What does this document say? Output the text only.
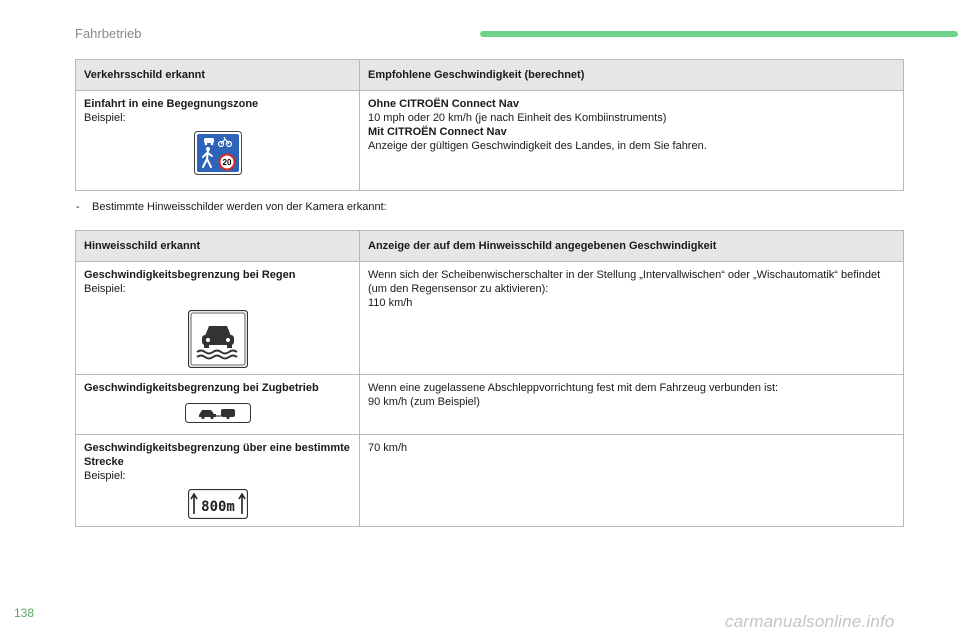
Fahrbetrieb
Verkehrsschild erkannt	Empfohlene Geschwindigkeit (berechnet)

Einfahrt in eine Begegnungszone
Beispiel:
20	Ohne CITROËN Connect Nav
10 mph oder 20 km/h (je nach Einheit des Kombiinstruments)
Mit CITROËN Connect Nav
Anzeige der gültigen Geschwindigkeit des Landes, in dem Sie fahren.
- Bestimmte Hinweisschilder werden von der Kamera erkannt:
Hinweisschild erkannt	Anzeige der auf dem Hinweisschild angegebenen Geschwindigkeit

Geschwindigkeitsbegrenzung bei Regen
Beispiel:	Wenn sich der Scheibenwischerschalter in der Stellung „Intervallwischen“ oder „Wischautomatik“ befindet (um den Regensensor zu aktivieren):
110 km/h

Geschwindigkeitsbegrenzung bei Zugbetrieb	Wenn eine zugelassene Abschleppvorrichtung fest mit dem Fahrzeug verbunden ist:
90 km/h (zum Beispiel)

Geschwindigkeitsbegrenzung über eine bestimmte Strecke
Beispiel:
800m	70 km/h
138	carmanualsonline.info
